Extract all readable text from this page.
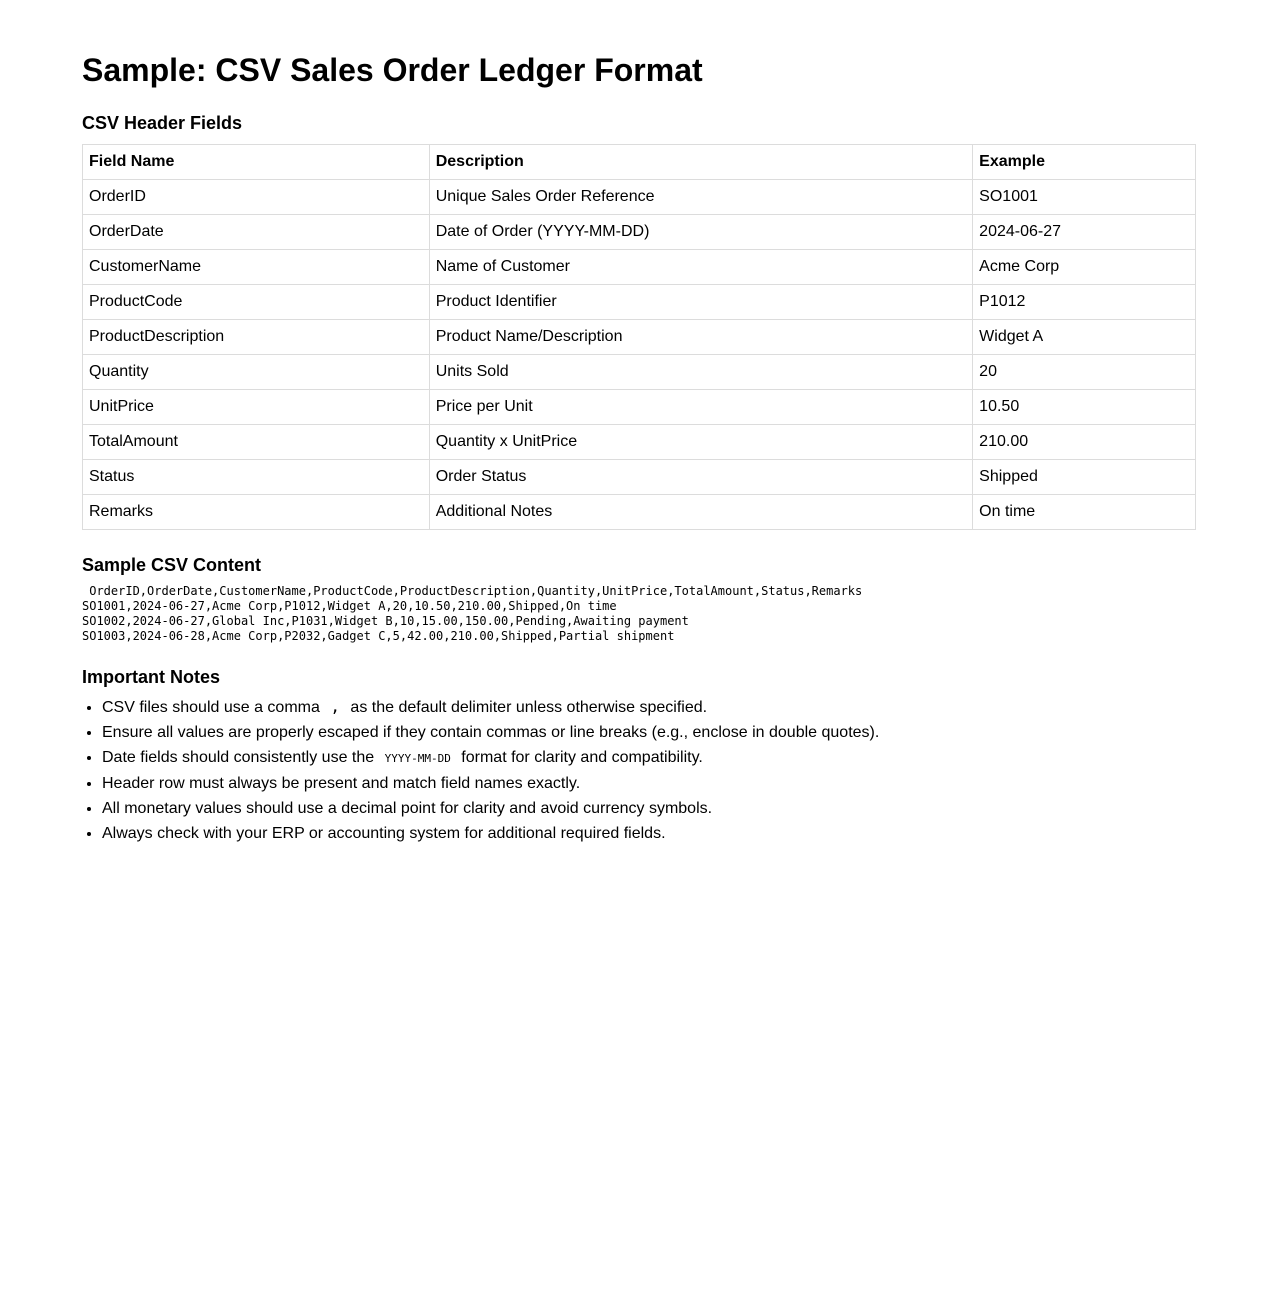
Sample: CSV Sales Order Ledger Format
CSV Header Fields
Field Name	Description	Example
OrderID	Unique Sales Order Reference	SO1001
OrderDate	Date of Order (YYYY-MM-DD)	2024-06-27
CustomerName	Name of Customer	Acme Corp
ProductCode	Product Identifier	P1012
ProductDescription	Product Name/Description	Widget A
Quantity	Units Sold	20
UnitPrice	Price per Unit	10.50
TotalAmount	Quantity x UnitPrice	210.00
Status	Order Status	Shipped
Remarks	Additional Notes	On time
Sample CSV Content
OrderID,OrderDate,CustomerName,ProductCode,ProductDescription,Quantity,UnitPrice,TotalAmount,Status,Remarks
SO1001,2024-06-27,Acme Corp,P1012,Widget A,20,10.50,210.00,Shipped,On time
SO1002,2024-06-27,Global Inc,P1031,Widget B,10,15.00,150.00,Pending,Awaiting payment
SO1003,2024-06-28,Acme Corp,P2032,Gadget C,5,42.00,210.00,Shipped,Partial shipment
Important Notes
• CSV files should use a comma , as the default delimiter unless otherwise specified.
• Ensure all values are properly escaped if they contain commas or line breaks (e.g., enclose in double quotes).
• Date fields should consistently use the YYYY-MM-DD format for clarity and compatibility.
• Header row must always be present and match field names exactly.
• All monetary values should use a decimal point for clarity and avoid currency symbols.
• Always check with your ERP or accounting system for additional required fields.
